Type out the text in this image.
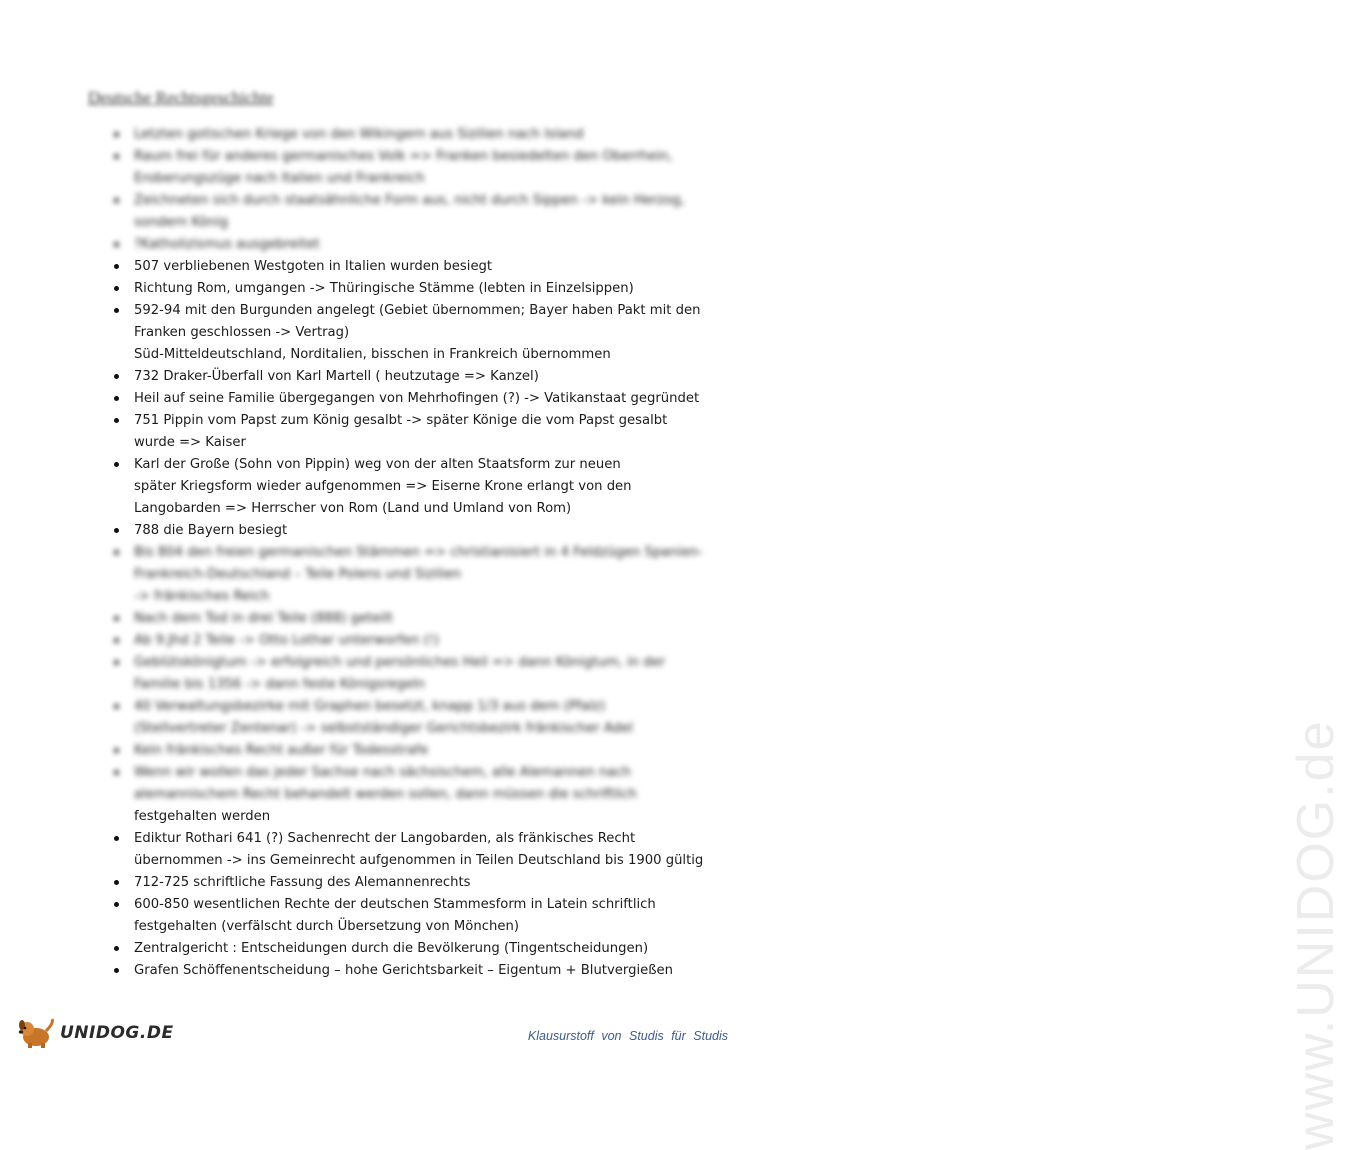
Deutsche Rechtsgeschichte
Letzten gotischen Kriege von den Wikingern aus Sizilien nach Island
Raum frei für anderes germanisches Volk => Franken besiedelten den Oberrhein,
Eroberungszüge nach Italien und Frankreich
Zeichneten sich durch staatsähnliche Form aus, nicht durch Sippen -> kein Herzog,
sondern König
?Katholizismus ausgebreitet
507 verbliebenen Westgoten in Italien wurden besiegt
Richtung Rom, umgangen -> Thüringische Stämme (lebten in Einzelsippen)
592-94 mit den Burgunden angelegt (Gebiet übernommen; Bayer haben Pakt mit den
Franken geschlossen -> Vertrag)
Süd-Mitteldeutschland, Norditalien, bisschen in Frankreich übernommen
732 Draker-Überfall von Karl Martell ( heutzutage => Kanzel)
Heil auf seine Familie übergegangen von Mehrhofingen (?) -> Vatikanstaat gegründet
751 Pippin vom Papst zum König gesalbt -> später Könige die vom Papst gesalbt
wurde => Kaiser
Karl der Große (Sohn von Pippin) weg von der alten Staatsform zur neuen
später Kriegsform wieder aufgenommen => Eiserne Krone erlangt von den
Langobarden => Herrscher von Rom (Land und Umland von Rom)
788 die Bayern besiegt
Bis 804 den freien germanischen Stämmen => christianisiert in 4 Feldzügen Spanien-
Frankreich-Deutschland – Teile Polens und Sizilien
-> fränkisches Reich
Nach dem Tod in drei Teile (888) geteilt
Ab 9.Jhd 2 Teile -> Otto Lothar unterworfen (!)
Geblütskönigtum -> erfolgreich und persönliches Heil => dann Königtum, in der
Familie bis 1356 -> dann feste Königsregeln
40 Verwaltungsbezirke mit Graphen besetzt, knapp 1/3 aus dem (Pfalz)
(Stellvertreter Zentenar) -> selbstständiger Gerichtsbezirk fränkischer Adel
Kein fränkisches Recht außer für Todesstrafe
Wenn wir wollen das jeder Sachse nach sächsischem, alle Alemannen nach
alemannischem Recht behandelt werden sollen, dann müssen die schriftlich
festgehalten werden
Ediktur Rothari 641 (?) Sachenrecht der Langobarden, als fränkisches Recht
übernommen -> ins Gemeinrecht aufgenommen in Teilen Deutschland bis 1900 gültig
712-725 schriftliche Fassung des Alemannenrechts
600-850 wesentlichen Rechte der deutschen Stammesform in Latein schriftlich
festgehalten (verfälscht durch Übersetzung von Mönchen)
Zentralgericht : Entscheidungen durch die Bevölkerung (Tingentscheidungen)
Grafen Schöffenentscheidung – hohe Gerichtsbarkeit – Eigentum + Blutvergießen	www.UNIDOG.de
UNIDOG.DE	Klausurstoff von Studis für Studis
